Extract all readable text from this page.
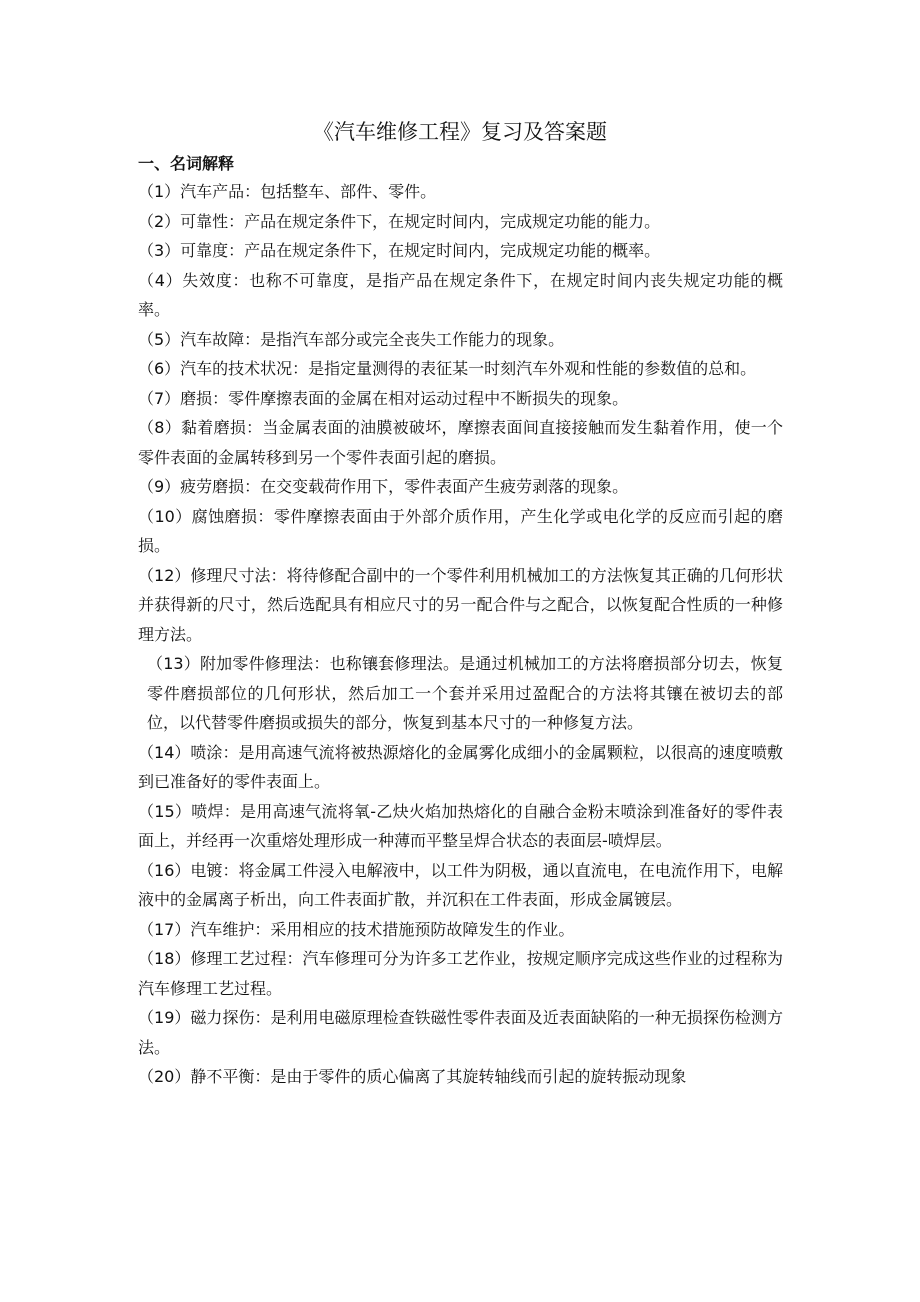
《汽车维修工程》复习及答案题
一、名词解释

（1）汽车产品：包括整车、部件、零件。

（2）可靠性：产品在规定条件下，在规定时间内，完成规定功能的能力。

（3）可靠度：产品在规定条件下，在规定时间内，完成规定功能的概率。

（4）失效度：也称不可靠度，是指产品在规定条件下，在规定时间内丧失规定功能的概率。

（5）汽车故障：是指汽车部分或完全丧失工作能力的现象。

（6）汽车的技术状况：是指定量测得的表征某一时刻汽车外观和性能的参数值的总和。

（7）磨损：零件摩擦表面的金属在相对运动过程中不断损失的现象。

（8）黏着磨损：当金属表面的油膜被破坏，摩擦表面间直接接触而发生黏着作用，使一个零件表面的金属转移到另一个零件表面引起的磨损。

（9）疲劳磨损：在交变载荷作用下，零件表面产生疲劳剥落的现象。

（10）腐蚀磨损：零件摩擦表面由于外部介质作用，产生化学或电化学的反应而引起的磨损。

（12）修理尺寸法：将待修配合副中的一个零件利用机械加工的方法恢复其正确的几何形状并获得新的尺寸，然后选配具有相应尺寸的另一配合件与之配合，以恢复配合性质的一种修理方法。

（13）附加零件修理法：也称镶套修理法。是通过机械加工的方法将磨损部分切去，恢复零件磨损部位的几何形状，然后加工一个套并采用过盈配合的方法将其镶在被切去的部位，以代替零件磨损或损失的部分，恢复到基本尺寸的一种修复方法。

（14）喷涂：是用高速气流将被热源熔化的金属雾化成细小的金属颗粒，以很高的速度喷敷到已准备好的零件表面上。

（15）喷焊：是用高速气流将氧-乙炔火焰加热熔化的自融合金粉末喷涂到准备好的零件表面上，并经再一次重熔处理形成一种薄而平整呈焊合状态的表面层-喷焊层。

（16）电镀：将金属工件浸入电解液中，以工件为阴极，通以直流电，在电流作用下，电解液中的金属离子析出，向工件表面扩散，并沉积在工件表面，形成金属镀层。

（17）汽车维护：采用相应的技术措施预防故障发生的作业。

（18）修理工艺过程：汽车修理可分为许多工艺作业，按规定顺序完成这些作业的过程称为汽车修理工艺过程。

（19）磁力探伤：是利用电磁原理检查铁磁性零件表面及近表面缺陷的一种无损探伤检测方法。

（20）静不平衡：是由于零件的质心偏离了其旋转轴线而引起的旋转振动现象
